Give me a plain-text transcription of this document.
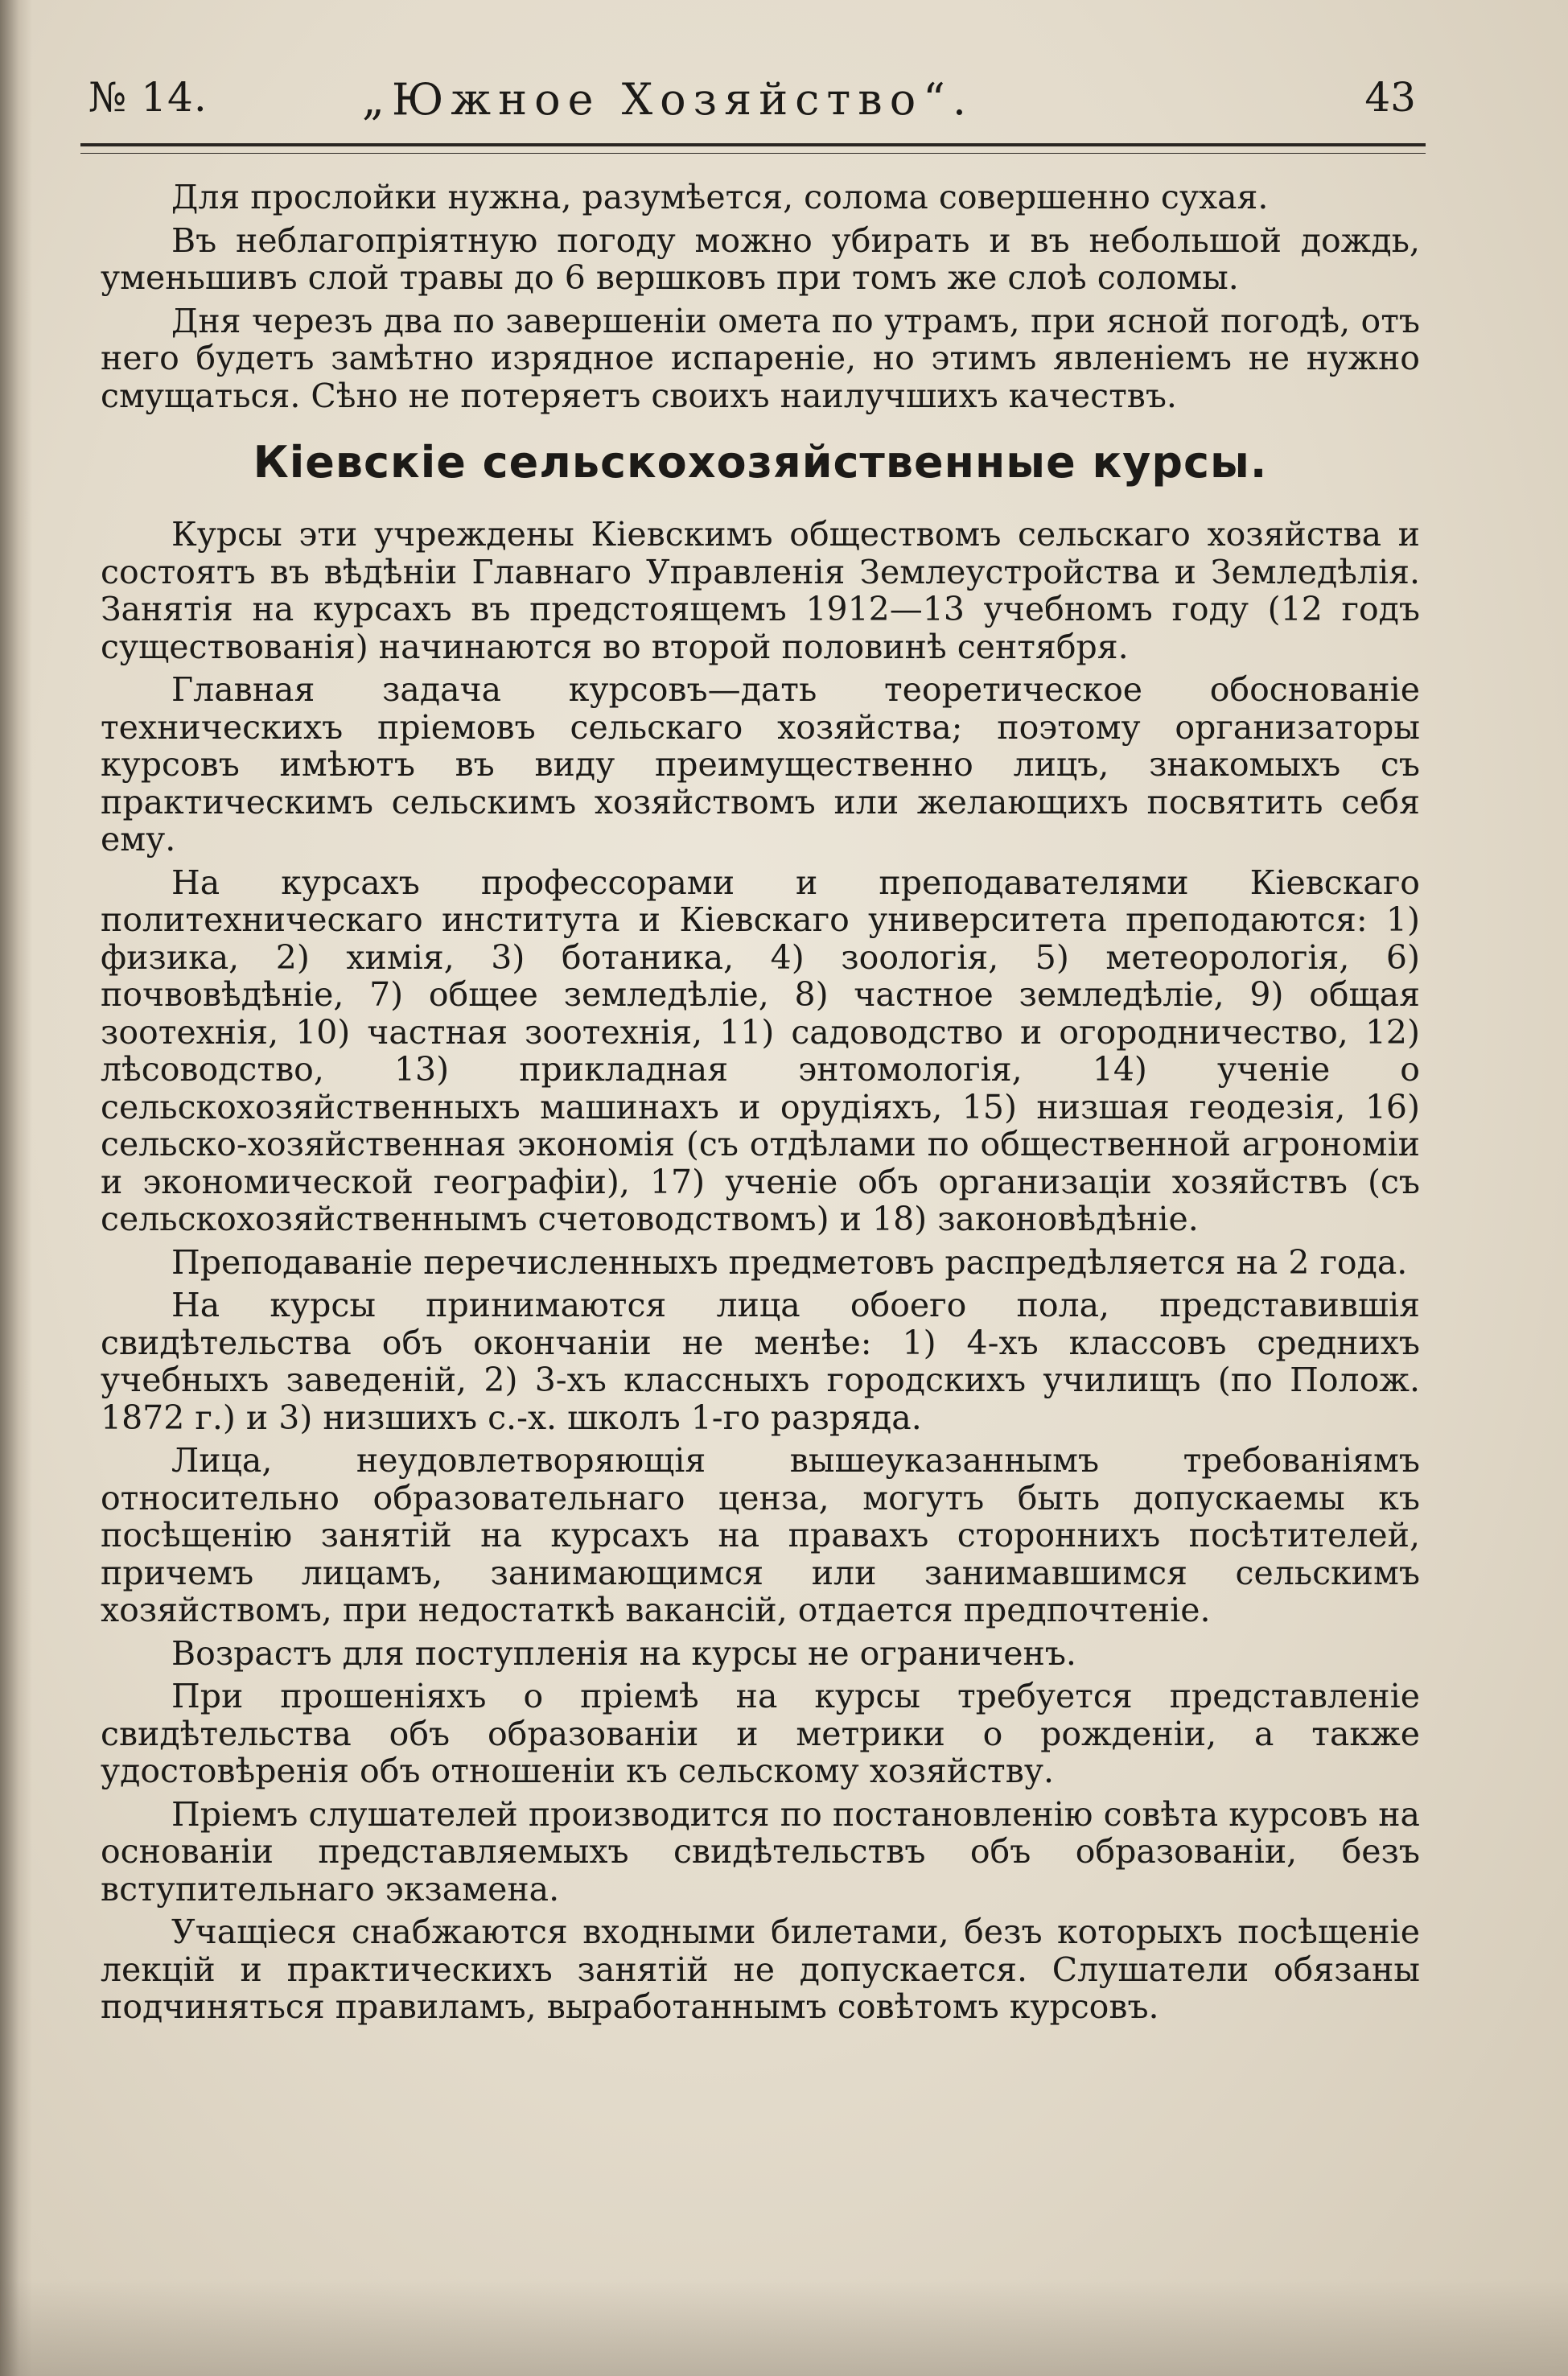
№ 14.	„Южное Хозяйство“.	43

Для прослойки нужна, разумѣется, солома совершенно сухая.

Въ неблагопріятную погоду можно убирать и въ небольшой дождь, уменьшивъ слой травы до 6 вершковъ при томъ же слоѣ соломы.

Дня черезъ два по завершеніи омета по утрамъ, при ясной погодѣ, отъ него будетъ замѣтно изрядное испареніе, но этимъ явленіемъ не нужно смущаться. Сѣно не потеряетъ своихъ наилучшихъ качествъ.

Кіевскіе сельскохозяйственные курсы.

Курсы эти учреждены Кіевскимъ обществомъ сельскаго хозяйства и состоятъ въ вѣдѣніи Главнаго Управленія Землеустройства и Земледѣлія. Занятія на курсахъ въ предстоящемъ 1912—13 учебномъ году (12 годъ существованія) начинаются во второй половинѣ сентября.

Главная задача курсовъ—дать теоретическое обоснованіе техническихъ пріемовъ сельскаго хозяйства; поэтому организаторы курсовъ имѣютъ въ виду преимущественно лицъ, знакомыхъ съ практическимъ сельскимъ хозяйствомъ или желающихъ посвятить себя ему.

На курсахъ профессорами и преподавателями Кіевскаго политехническаго института и Кіевскаго университета преподаются: 1) физика, 2) химія, 3) ботаника, 4) зоологія, 5) метеорологія, 6) почвовѣдѣніе, 7) общее земледѣліе, 8) частное земледѣліе, 9) общая зоотехнія, 10) частная зоотехнія, 11) садоводство и огородничество, 12) лѣсоводство, 13) прикладная энтомологія, 14) ученіе о сельскохозяйственныхъ машинахъ и орудіяхъ, 15) низшая геодезія, 16) сельско-хозяйственная экономія (съ отдѣлами по общественной агрономіи и экономической географіи), 17) ученіе объ организаціи хозяйствъ (съ сельскохозяйственнымъ счетоводствомъ) и 18) законовѣдѣніе.

Преподаваніе перечисленныхъ предметовъ распредѣляется на 2 года.

На курсы принимаются лица обоего пола, представившія свидѣтельства объ окончаніи не менѣе: 1) 4-хъ классовъ среднихъ учебныхъ заведеній, 2) 3-хъ классныхъ городскихъ училищъ (по Полож. 1872 г.) и 3) низшихъ с.-х. школъ 1-го разряда.

Лица, неудовлетворяющія вышеуказаннымъ требованіямъ относительно образовательнаго ценза, могутъ быть допускаемы къ посѣщенію занятій на курсахъ на правахъ стороннихъ посѣтителей, причемъ лицамъ, занимающимся или занимавшимся сельскимъ хозяйствомъ, при недостаткѣ вакансій, отдается предпочтеніе.

Возрастъ для поступленія на курсы не ограниченъ.

При прошеніяхъ о пріемѣ на курсы требуется представленіе свидѣтельства объ образованіи и метрики о рожденіи, а также удостовѣренія объ отношеніи къ сельскому хозяйству.

Пріемъ слушателей производится по постановленію совѣта курсовъ на основаніи представляемыхъ свидѣтельствъ объ образованіи, безъ вступительнаго экзамена.

Учащіеся снабжаются входными билетами, безъ которыхъ посѣщеніе лекцій и практическихъ занятій не допускается. Слушатели обязаны подчиняться правиламъ, выработаннымъ совѣтомъ курсовъ.
